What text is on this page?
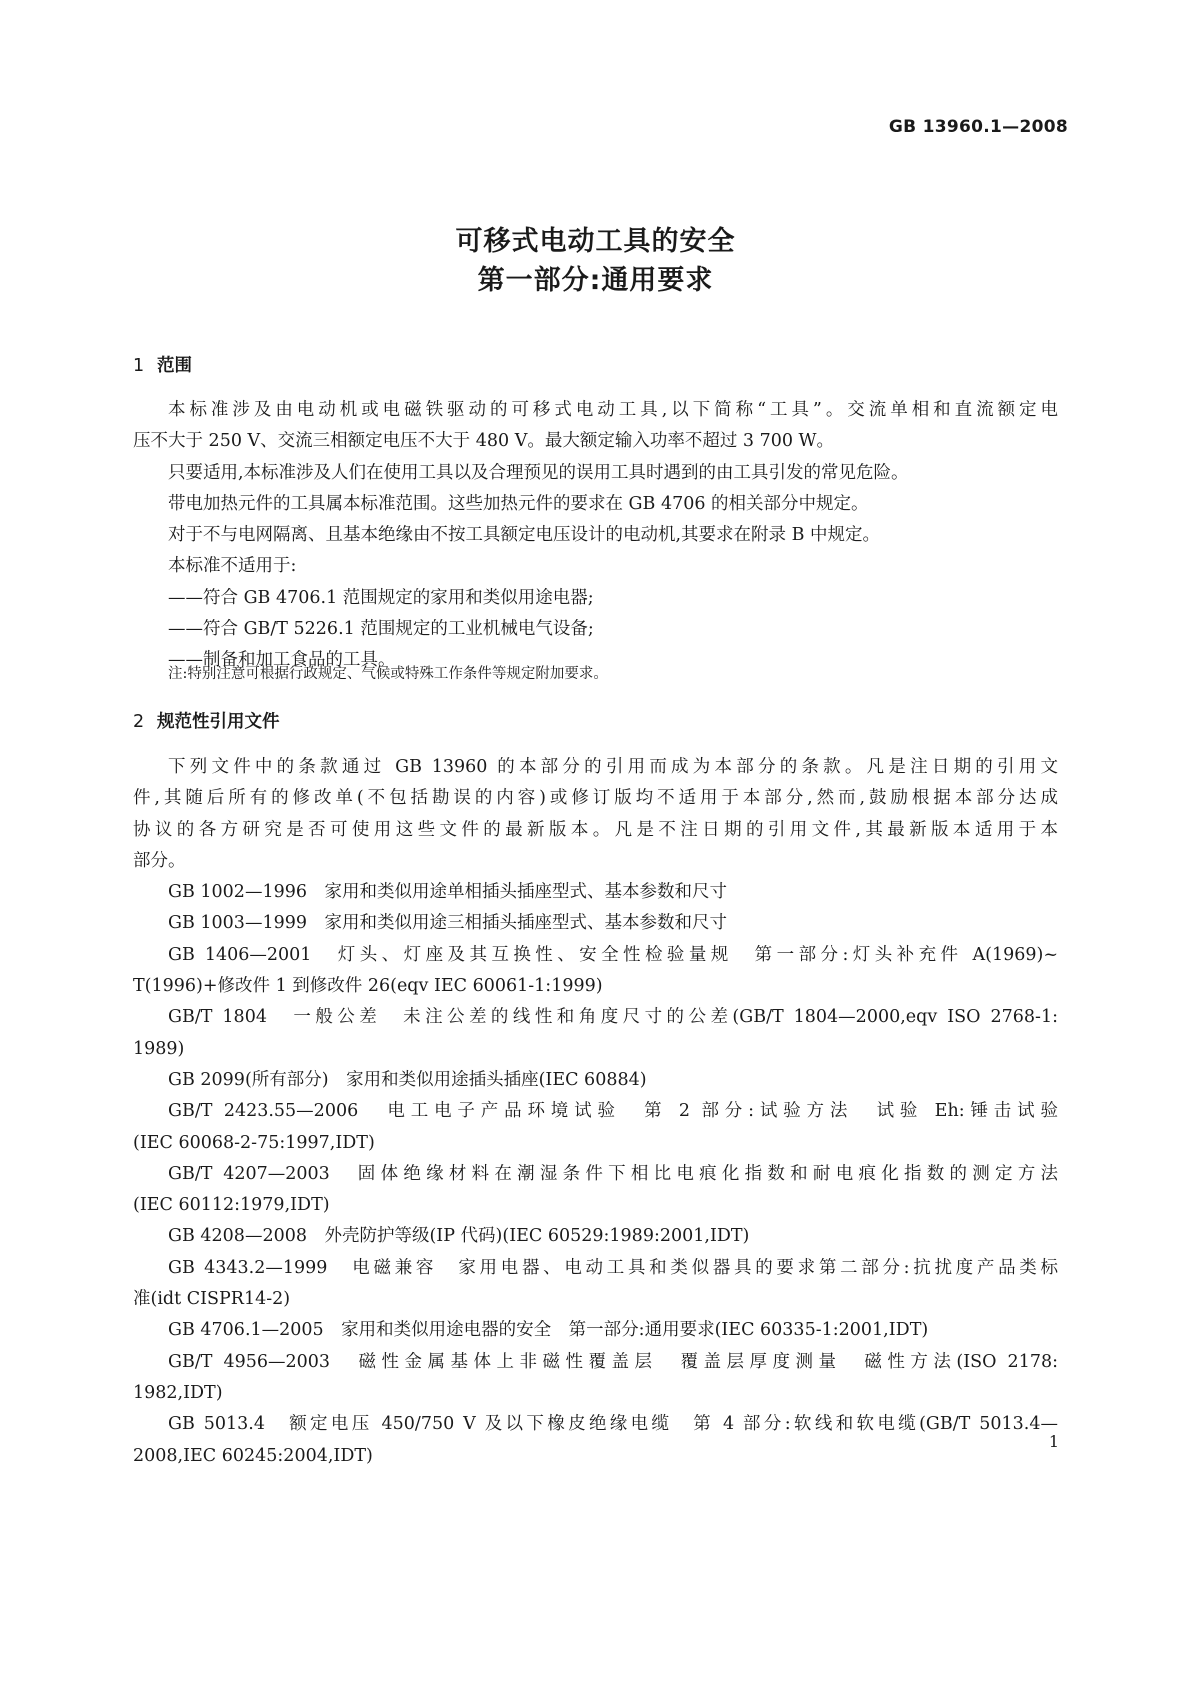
GB 13960.1—2008
可移式电动工具的安全
第一部分:通用要求
1 范围
本标准涉及由电动机或电磁铁驱动的可移式电动工具,以下简称“工具”。交流单相和直流额定电
压不大于 250 V、交流三相额定电压不大于 480 V。最大额定输入功率不超过 3 700 W。
只要适用,本标准涉及人们在使用工具以及合理预见的误用工具时遇到的由工具引发的常见危险。
带电加热元件的工具属本标准范围。这些加热元件的要求在 GB 4706 的相关部分中规定。
对于不与电网隔离、且基本绝缘由不按工具额定电压设计的电动机,其要求在附录 B 中规定。
本标准不适用于:
——符合 GB 4706.1 范围规定的家用和类似用途电器;
——符合 GB/T 5226.1 范围规定的工业机械电气设备;
——制备和加工食品的工具。
注:特别注意可根据行政规定、气候或特殊工作条件等规定附加要求。
2 规范性引用文件
下列文件中的条款通过 GB 13960 的本部分的引用而成为本部分的条款。凡是注日期的引用文
件,其随后所有的修改单(不包括勘误的内容)或修订版均不适用于本部分,然而,鼓励根据本部分达成
协议的各方研究是否可使用这些文件的最新版本。凡是不注日期的引用文件,其最新版本适用于本
部分。
GB 1002—1996　家用和类似用途单相插头插座型式、基本参数和尺寸
GB 1003—1999　家用和类似用途三相插头插座型式、基本参数和尺寸
GB 1406—2001　灯头、灯座及其互换性、安全性检验量规　第一部分:灯头补充件 A(1969)~
T(1996)+修改件 1 到修改件 26(eqv IEC 60061-1:1999)
GB/T 1804　一般公差　未注公差的线性和角度尺寸的公差(GB/T 1804—2000,eqv ISO 2768-1:
1989)
GB 2099(所有部分)　家用和类似用途插头插座(IEC 60884)
GB/T 2423.55—2006　电工电子产品环境试验　第 2 部分:试验方法　试验 Eh:锤击试验
(IEC 60068-2-75:1997,IDT)
GB/T 4207—2003　固体绝缘材料在潮湿条件下相比电痕化指数和耐电痕化指数的测定方法
(IEC 60112:1979,IDT)
GB 4208—2008　外壳防护等级(IP 代码)(IEC 60529:1989:2001,IDT)
GB 4343.2—1999　电磁兼容　家用电器、电动工具和类似器具的要求第二部分:抗扰度产品类标
准(idt CISPR14-2)
GB 4706.1—2005　家用和类似用途电器的安全　第一部分:通用要求(IEC 60335-1:2001,IDT)
GB/T 4956—2003　磁性金属基体上非磁性覆盖层　覆盖层厚度测量　磁性方法(ISO 2178:
1982,IDT)
GB 5013.4　额定电压 450/750 V 及以下橡皮绝缘电缆　第 4 部分:软线和软电缆(GB/T 5013.4—
2008,IEC 60245:2004,IDT)
1
